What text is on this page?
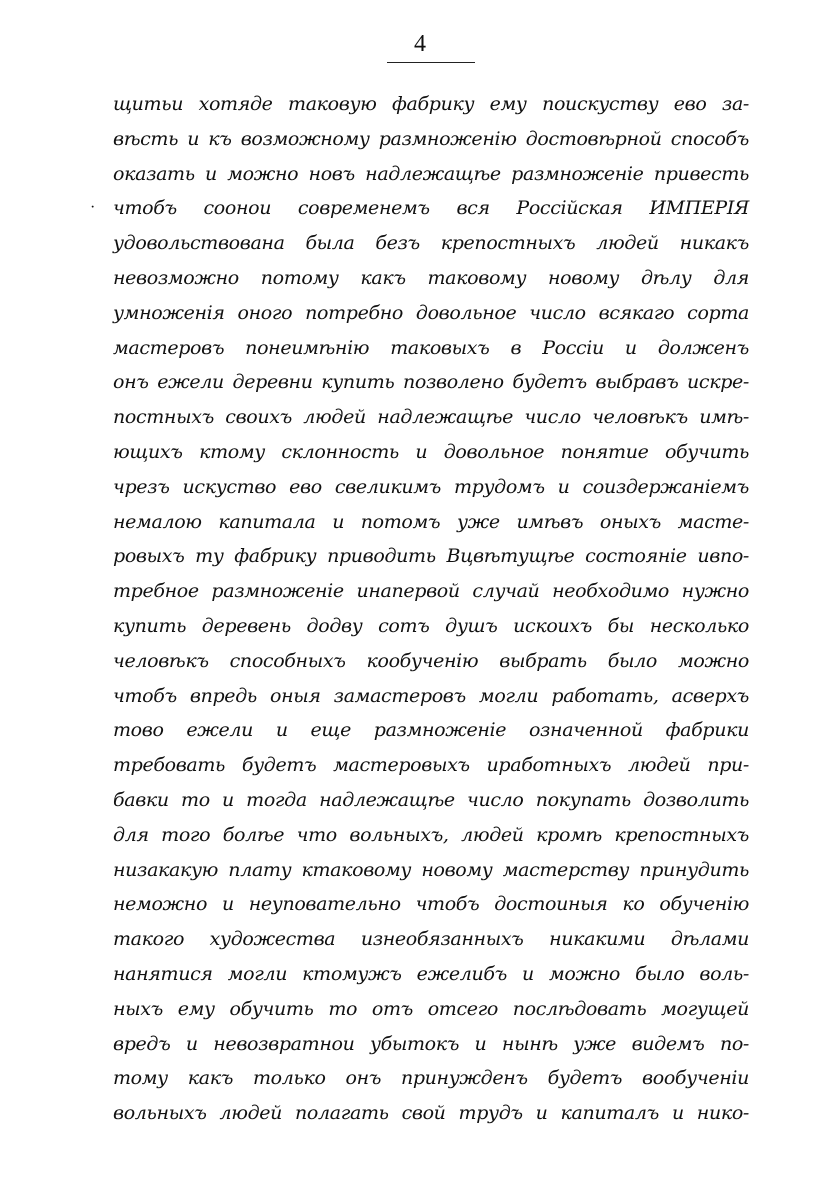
4
·
щитьи хотяде таковую фабрику ему поискуству ево за-
вѣсть и къ возможному размноженію достовѣрной способъ
оказать и можно новъ надлежащѣе размноженіе привесть
чтобъ сооноu современемъ вся Россійская ИМПЕРІЯ
удовольствована была безъ крепостныхъ людей никакъ
невозможно потому какъ таковому новому дѣлу для
умноженія оного потребно довольное число всякаго сорта
мастеровъ понеимѣнію таковыхъ в Россіи и долженъ
онъ ежели деревни купить позволено будетъ выбравъ искре-
постныхъ своихъ людей надлежащѣе число человѣкъ имѣ-
ющихъ ктому склонность и довольное понятие обучить
чрезъ искуство ево свеликимъ трудомъ и соиздержаніемъ
немалою капитала и потомъ уже имѣвъ оныхъ масте-
ровыхъ ту фабрику приводить Вцвѣтущѣе состояніе ивпо-
требное размноженіе инапервой случай необходимо нужно
купить деревень додву сотъ душъ искоихъ бы несколько
человѣкъ способныхъ кообученію выбрать было можно
чтобъ впредь оныя замастеровъ могли работать, асверхъ
тово ежели и еще размноженіе означенной фабрики
требовать будетъ мастеровыхъ иработныхъ людей при-
бавки то и тогда надлежащѣе число покупать дозволить
для того болѣе что вольныхъ, людей кромѣ крепостныхъ
низакакую плату ктаковому новому мастерству принудить
неможно и неуповательно чтобъ достоиныя ко обученію
такого художества изнеобязанныхъ никакими дѣлами
нанятися могли ктомужъ ежелибъ и можно было воль-
ныхъ ему обучить то отъ отсего послѣдовать могущей
вредъ и невозвратнои убытокъ и нынѣ уже видемъ по-
тому какъ только онъ принужденъ будетъ вообученіи
вольныхъ людей полагать свой трудъ и капиталъ и нико-
